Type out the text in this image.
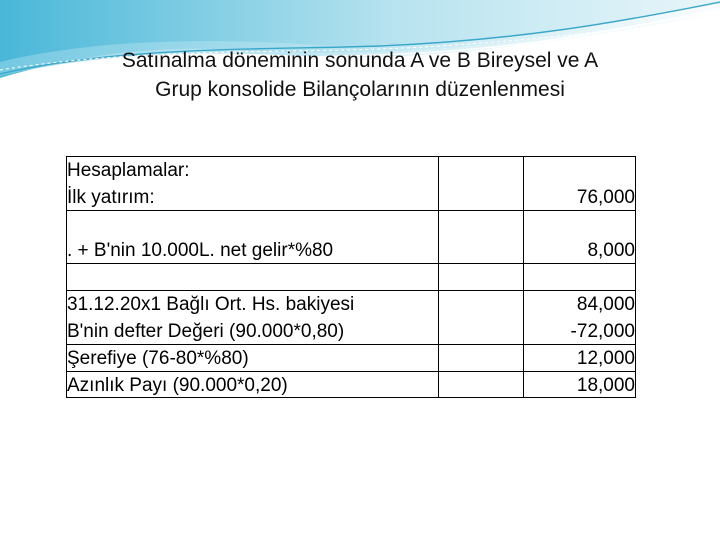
Satınalma döneminin sonunda A ve B Bireysel ve A
Grup konsolide Bilançolarının düzenlenmesi
Hesaplamalar:
İlk yatırım:	76,000
. + B'nin 10.000L. net gelir*%80	8,000
31.12.20x1 Bağlı Ort. Hs. bakiyesi
B'nin defter Değeri (90.000*0,80)
Şerefiye (76-80*%80)
Azınlık Payı (90.000*0,20)
84,000
-72,000
12,000
18,000
